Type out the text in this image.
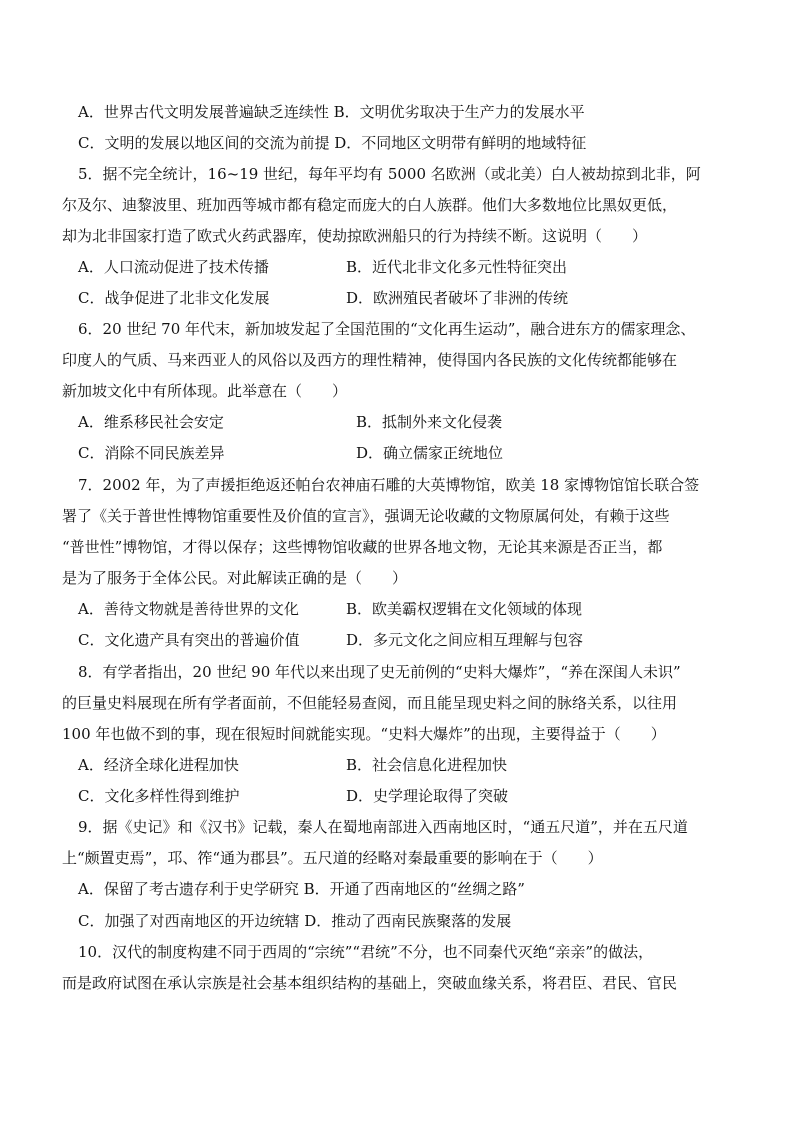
A．世界古代文明发展普遍缺乏连续性 B．文明优劣取决于生产力的发展水平
C．文明的发展以地区间的交流为前提 D．不同地区文明带有鲜明的地域特征
5．据不完全统计，16~19 世纪，每年平均有 5000 名欧洲（或北美）白人被劫掠到北非，阿
尔及尔、迪黎波里、班加西等城市都有稳定而庞大的白人族群。他们大多数地位比黑奴更低，
却为北非国家打造了欧式火药武器库，使劫掠欧洲船只的行为持续不断。这说明（　　）
A．人口流动促进了技术传播	B．近代北非文化多元性特征突出
C．战争促进了北非文化发展	D．欧洲殖民者破坏了非洲的传统
6．20 世纪 70 年代末，新加坡发起了全国范围的“文化再生运动”，融合进东方的儒家理念、
印度人的气质、马来西亚人的风俗以及西方的理性精神，使得国内各民族的文化传统都能够在
新加坡文化中有所体现。此举意在（　　）
A．维系移民社会安定	B．抵制外来文化侵袭
C．消除不同民族差异	D．确立儒家正统地位
7．2002 年，为了声援拒绝返还帕台农神庙石雕的大英博物馆，欧美 18 家博物馆馆长联合签
署了《关于普世性博物馆重要性及价值的宣言》，强调无论收藏的文物原属何处，有赖于这些
“普世性”博物馆，才得以保存；这些博物馆收藏的世界各地文物，无论其来源是否正当，都
是为了服务于全体公民。对此解读正确的是（　　）
A．善待文物就是善待世界的文化	B．欧美霸权逻辑在文化领域的体现
C．文化遗产具有突出的普遍价值	D．多元文化之间应相互理解与包容
8．有学者指出，20 世纪 90 年代以来出现了史无前例的“史料大爆炸”，“养在深闺人未识”
的巨量史料展现在所有学者面前，不但能轻易查阅，而且能呈现史料之间的脉络关系，以往用
100 年也做不到的事，现在很短时间就能实现。“史料大爆炸”的出现，主要得益于（　　）
A．经济全球化进程加快	B．社会信息化进程加快
C．文化多样性得到维护	D．史学理论取得了突破
9．据《史记》和《汉书》记载，秦人在蜀地南部进入西南地区时，“通五尺道”，并在五尺道
上“颇置吏焉”，邛、筰“通为郡县”。五尺道的经略对秦最重要的影响在于（　　）
A．保留了考古遗存利于史学研究 B．开通了西南地区的“丝绸之路”
C．加强了对西南地区的开边统辖 D．推动了西南民族聚落的发展
10．汉代的制度构建不同于西周的“宗统”“君统”不分，也不同秦代灭绝“亲亲”的做法，
而是政府试图在承认宗族是社会基本组织结构的基础上，突破血缘关系，将君臣、君民、官民
